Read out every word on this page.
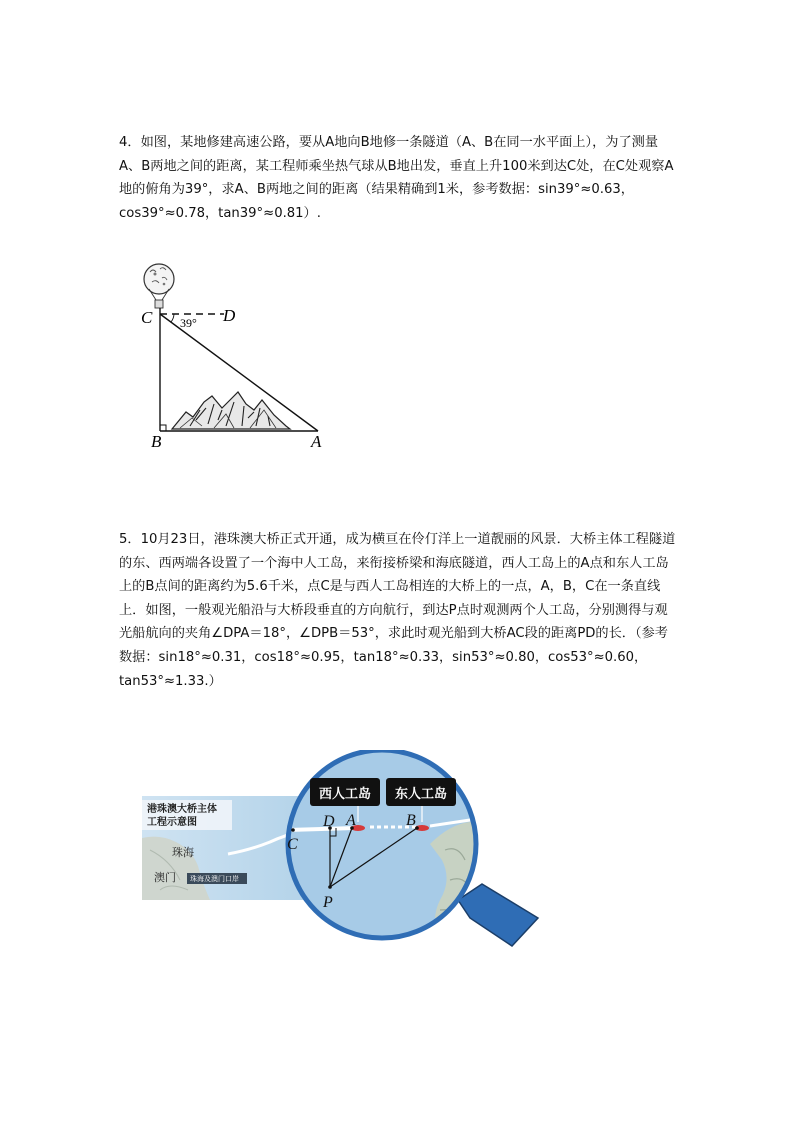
4．如图，某地修建高速公路，要从A地向B地修一条隧道（A、B在同一水平面上），为了测量A、B两地之间的距离，某工程师乘坐热气球从B地出发，垂直上升100米到达C处，在C处观察A地的俯角为39°，求A、B两地之间的距离（结果精确到1米，参考数据：sin39°≈0.63，cos39°≈0.78，tan39°≈0.81）.

39°
C	D
B	A

5．10月23日，港珠澳大桥正式开通，成为横亘在伶仃洋上一道靓丽的风景．大桥主体工程隧道的东、西两端各设置了一个海中人工岛，来衔接桥梁和海底隧道，西人工岛上的A点和东人工岛上的B点间的距离约为5.6千米，点C是与西人工岛相连的大桥上的一点，A，B，C在一条直线上．如图，一般观光船沿与大桥段垂直的方向航行，到达P点时观测两个人工岛，分别测得与观光船航向的夹角∠DPA＝18°，∠DPB＝53°，求此时观光船到大桥AC段的距离PD的长．（参考数据：sin18°≈0.31，cos18°≈0.95，tan18°≈0.33，sin53°≈0.80，cos53°≈0.60，tan53°≈1.33.）

港珠澳大桥主体
工程示意图
珠海
澳门 珠海及澳门口岸
西人工岛 东人工岛
C
D A	B
P
